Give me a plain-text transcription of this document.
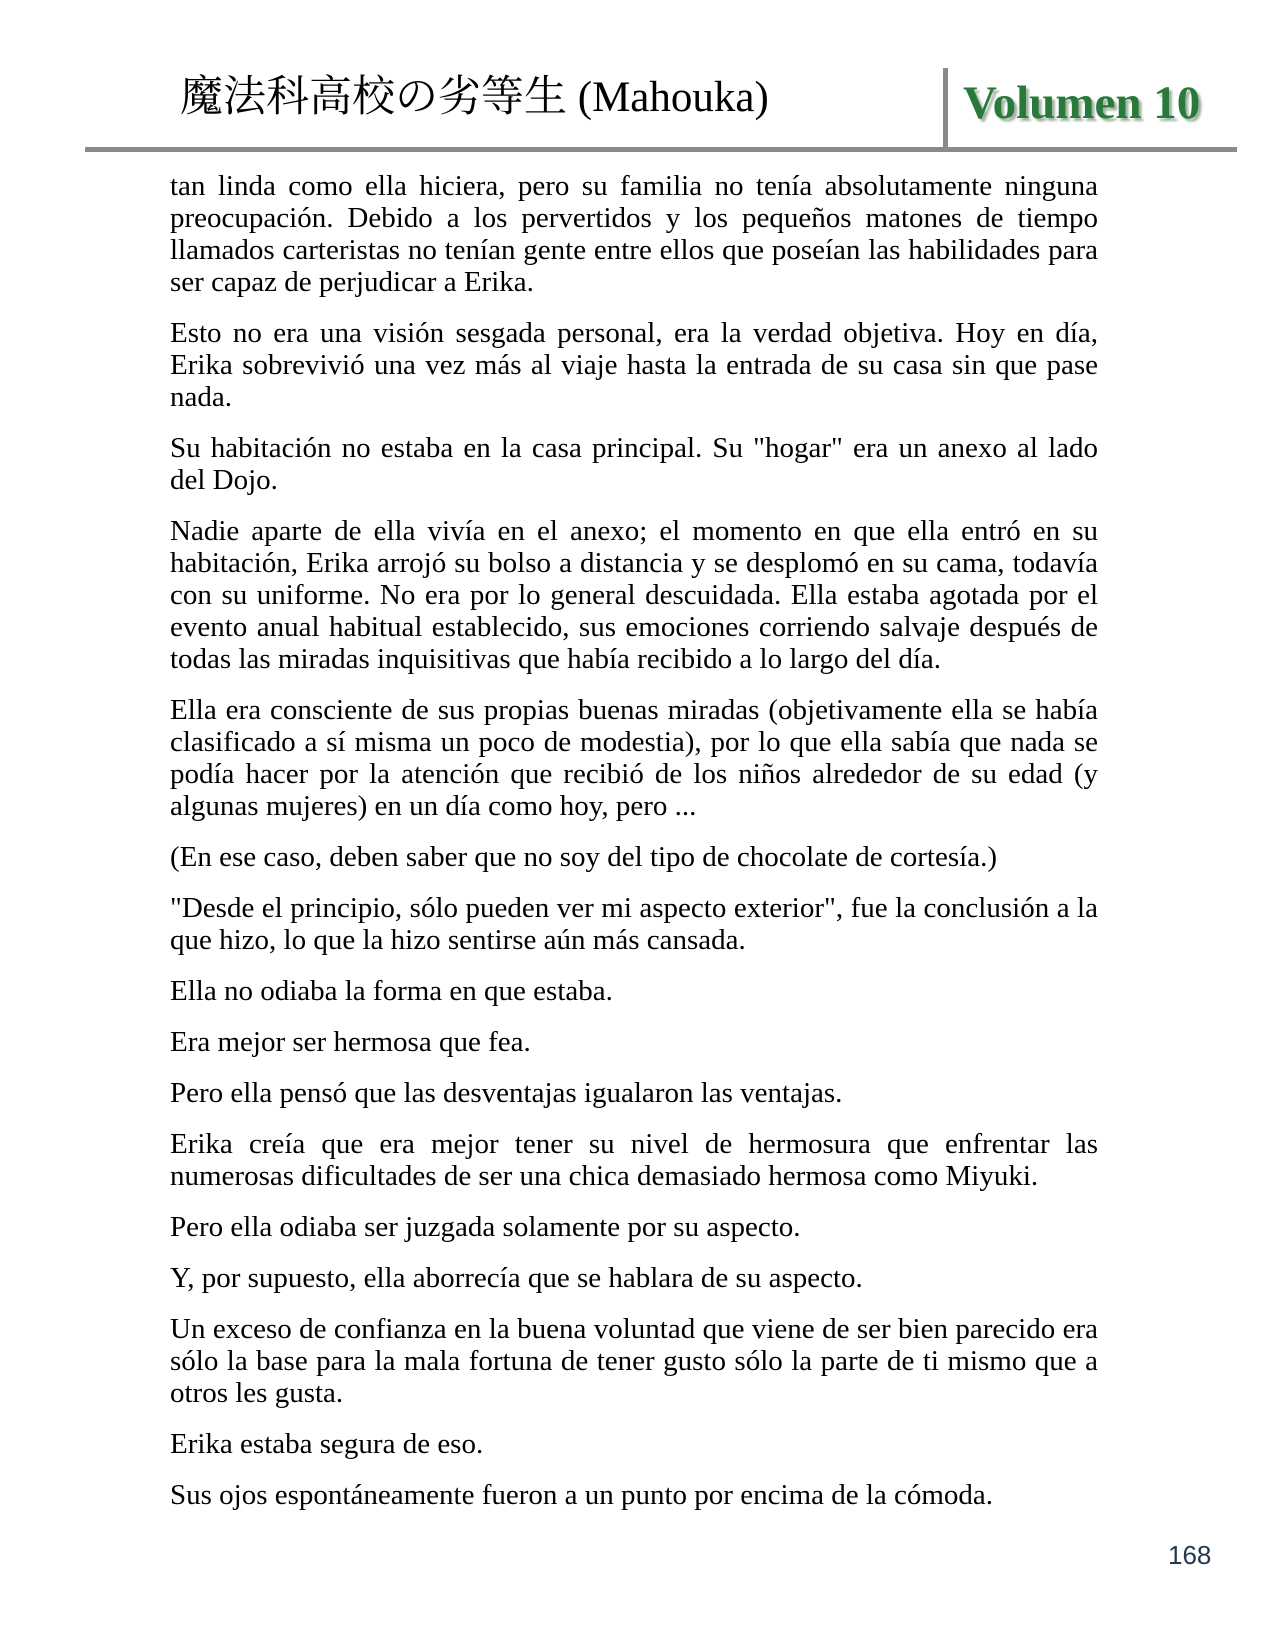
魔法科高校の劣等生 (Mahouka)	Volumen 10

tan linda como ella hiciera, pero su familia no tenía absolutamente ninguna preocupación. Debido a los pervertidos y los pequeños matones de tiempo llamados carteristas no tenían gente entre ellos que poseían las habilidades para ser capaz de perjudicar a Erika.

Esto no era una visión sesgada personal, era la verdad objetiva. Hoy en día, Erika sobrevivió una vez más al viaje hasta la entrada de su casa sin que pase nada.

Su habitación no estaba en la casa principal. Su "hogar" era un anexo al lado del Dojo.

Nadie aparte de ella vivía en el anexo; el momento en que ella entró en su habitación, Erika arrojó su bolso a distancia y se desplomó en su cama, todavía con su uniforme. No era por lo general descuidada. Ella estaba agotada por el evento anual habitual establecido, sus emociones corriendo salvaje después de todas las miradas inquisitivas que había recibido a lo largo del día.

Ella era consciente de sus propias buenas miradas (objetivamente ella se había clasificado a sí misma un poco de modestia), por lo que ella sabía que nada se podía hacer por la atención que recibió de los niños alrededor de su edad (y algunas mujeres) en un día como hoy, pero ...

(En ese caso, deben saber que no soy del tipo de chocolate de cortesía.)

"Desde el principio, sólo pueden ver mi aspecto exterior", fue la conclusión a la que hizo, lo que la hizo sentirse aún más cansada.

Ella no odiaba la forma en que estaba.

Era mejor ser hermosa que fea.

Pero ella pensó que las desventajas igualaron las ventajas.

Erika creía que era mejor tener su nivel de hermosura que enfrentar las numerosas dificultades de ser una chica demasiado hermosa como Miyuki.

Pero ella odiaba ser juzgada solamente por su aspecto.

Y, por supuesto, ella aborrecía que se hablara de su aspecto.

Un exceso de confianza en la buena voluntad que viene de ser bien parecido era sólo la base para la mala fortuna de tener gusto sólo la parte de ti mismo que a otros les gusta.

Erika estaba segura de eso.

Sus ojos espontáneamente fueron a un punto por encima de la cómoda.

168
